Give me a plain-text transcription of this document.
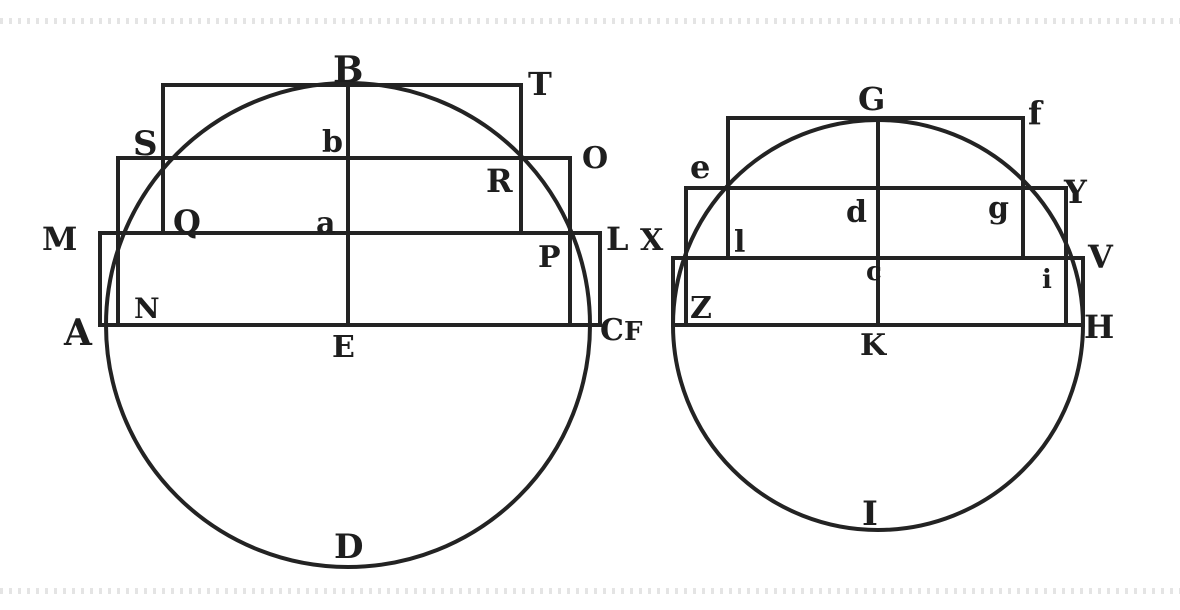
B	T
S	b	O
R
Q	a
M	L
P
N
A	C F
E
D
G	f
e
Y
d	g
l
X	V
c	i
Z	H
K
I
